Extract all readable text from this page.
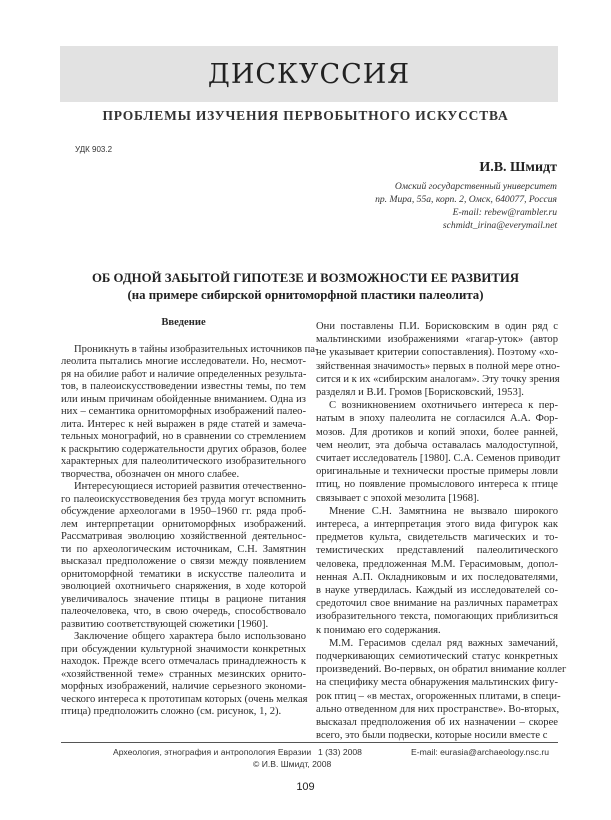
ДИСКУССИЯ
ПРОБЛЕМЫ ИЗУЧЕНИЯ ПЕРВОБЫТНОГО ИСКУССТВА
УДК 903.2
И.В. Шмидт
Омский государственный университет
пр. Мира, 55а, корп. 2, Омск, 640077, Россия
E-mail: rebew@rambler.ru
schmidt_irina@everymail.net
ОБ ОДНОЙ ЗАБЫТОЙ ГИПОТЕЗЕ И ВОЗМОЖНОСТИ ЕЕ РАЗВИТИЯ
(на примере сибирской орнитоморфной пластики палеолита)
Введение
Проникнуть в тайны изобразительных источников па-
леолита пытались многие исследователи. Но, несмот-
ря на обилие работ и наличие определенных результа-
тов, в палеоискусствоведении известны темы, по тем
или иным причинам обойденные вниманием. Одна из
них – семантика орнитоморфных изображений палео-
лита. Интерес к ней выражен в ряде статей и замеча-
тельных монографий, но в сравнении со стремлением
к раскрытию содержательности других образов, более
характерных для палеолитического изобразительного
творчества, обозначен он много слабее.
Интересующиеся историей развития отечественно-
го палеоискусствоведения без труда могут вспомнить
обсуждение археологами в 1950–1960 гг. ряда проб-
лем интерпретации орнитоморфных изображений.
Рассматривая эволюцию хозяйственной деятельнос-
ти по археологическим источникам, С.Н. Замятнин
высказал предположение о связи между появлением
орнитоморфной тематики в искусстве палеолита и
эволюцией охотничьего снаряжения, в ходе которой
увеличивалось значение птицы в рационе питания
палеочеловека, что, в свою очередь, способствовало
развитию соответствующей сюжетики [1960].
Заключение общего характера было использовано
при обсуждении культурной значимости конкретных
находок. Прежде всего отмечалась принадлежность к
«хозяйственной теме» странных мезинских орнито-
морфных изображений, наличие серьезного экономи-
ческого интереса к прототипам которых (очень мелкая
птица) предположить сложно (см. рисунок, 1, 2).
Они поставлены П.И. Борисковским в один ряд с
мальтинскими изображениями «гагар-уток» (автор
не указывает критерии сопоставления). Поэтому «хо-
зяйственная значимость» первых в полной мере отно-
сится и к их «сибирским аналогам». Эту точку зрения
разделял и В.И. Громов [Борисковский, 1953].
С возникновением охотничьего интереса к пер-
натым в эпоху палеолита не согласился А.А. Фор-
мозов. Для дротиков и копий эпохи, более ранней,
чем неолит, эта добыча оставалась малодоступной,
считает исследователь [1980]. С.А. Семенов приводит
оригинальные и технически простые примеры ловли
птиц, но появление промыслового интереса к птице
связывает с эпохой мезолита [1968].
Мнение С.Н. Замятнина не вызвало широкого
интереса, а интерпретация этого вида фигурок как
предметов культа, свидетельств магических и то-
темистических представлений палеолитического
человека, предложенная М.М. Герасимовым, допол-
ненная А.П. Окладниковым и их последователями,
в науке утвердилась. Каждый из исследователей со-
средоточил свое внимание на различных параметрах
изобразительного текста, помогающих приблизиться
к понимаю его содержания.
М.М. Герасимов сделал ряд важных замечаний,
подчеркивающих семиотический статус конкретных
произведений. Во-первых, он обратил внимание коллег
на специфику места обнаружения мальтинских фигу-
рок птиц – «в местах, огороженных плитами, в специ-
ально отведенном для них пространстве». Во-вторых,
высказал предположения об их назначении – скорее
всего, это были подвески, которые носили вместе с
Археология, этнография и антропология Евразии 1 (33) 2008	E-mail: eurasia@archaeology.nsc.ru
© И.В. Шмидт, 2008
109
